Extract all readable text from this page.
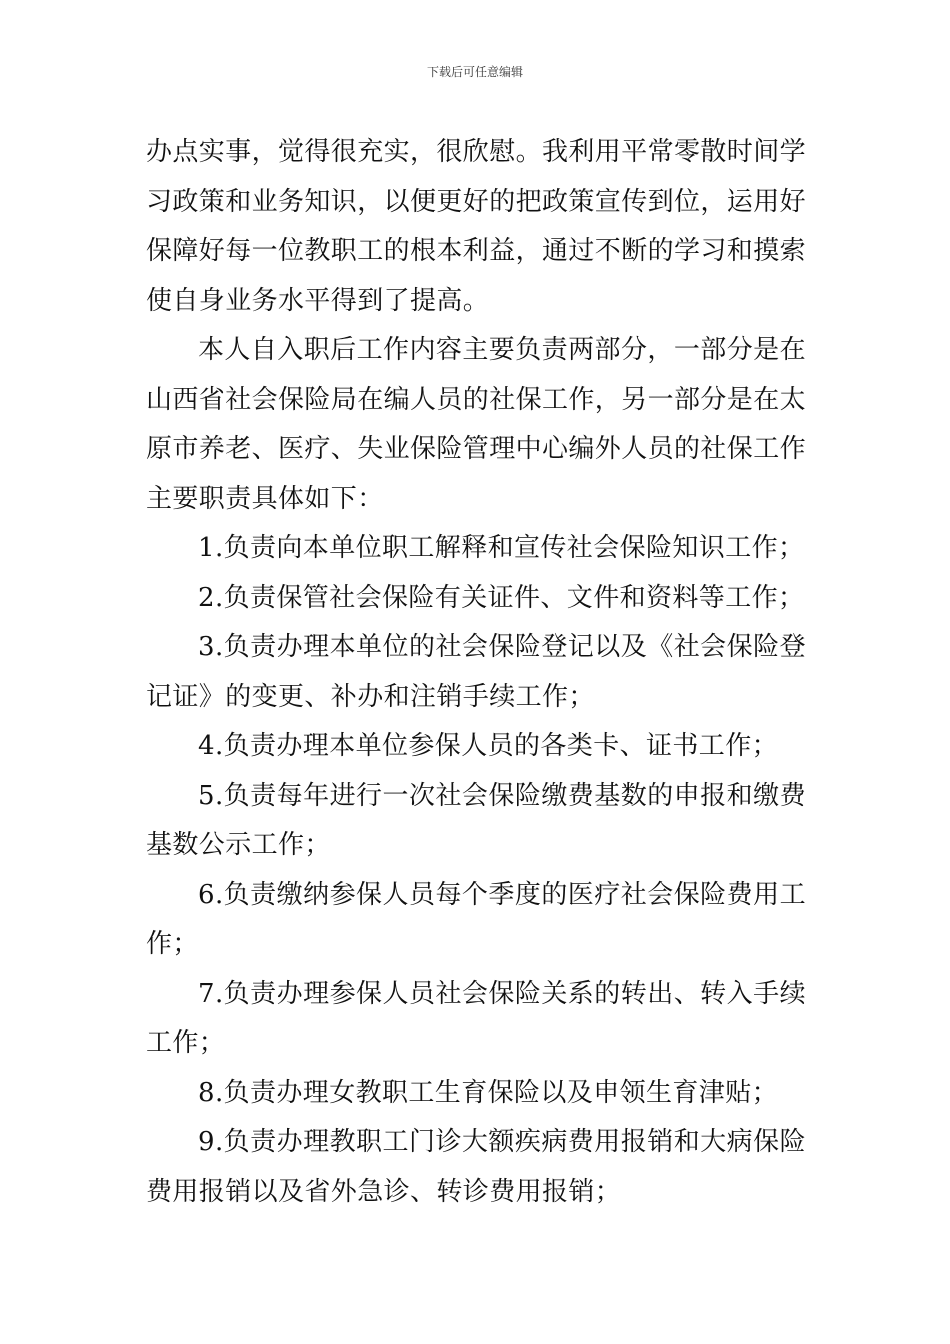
下载后可任意编辑

办点实事，觉得很充实，很欣慰。我利用平常零散时间学习政策和业务知识，以便更好的把政策宣传到位，运用好保障好每一位教职工的根本利益，通过不断的学习和摸索使自身业务水平得到了提高。

本人自入职后工作内容主要负责两部分，一部分是在山西省社会保险局在编人员的社保工作，另一部分是在太原市养老、医疗、失业保险管理中心编外人员的社保工作主要职责具体如下：

1.负责向本单位职工解释和宣传社会保险知识工作；

2.负责保管社会保险有关证件、文件和资料等工作；

3.负责办理本单位的社会保险登记以及《社会保险登记证》的变更、补办和注销手续工作；

4.负责办理本单位参保人员的各类卡、证书工作；

5.负责每年进行一次社会保险缴费基数的申报和缴费基数公示工作；

6.负责缴纳参保人员每个季度的医疗社会保险费用工作；

7.负责办理参保人员社会保险关系的转出、转入手续工作；

8.负责办理女教职工生育保险以及申领生育津贴；

9.负责办理教职工门诊大额疾病费用报销和大病保险费用报销以及省外急诊、转诊费用报销；
